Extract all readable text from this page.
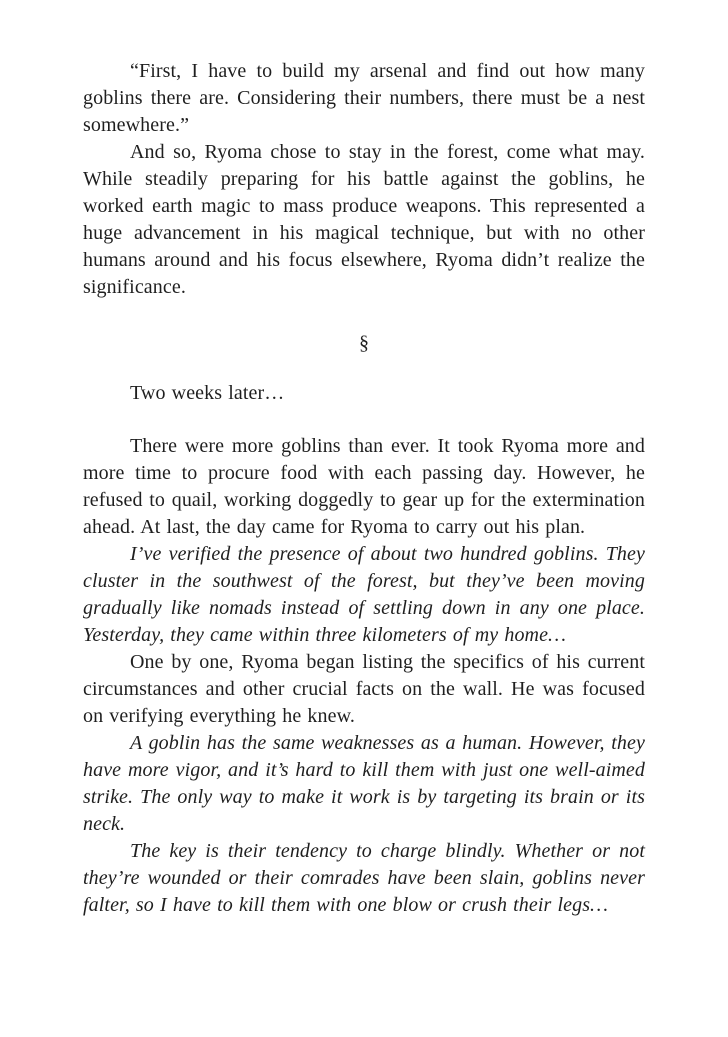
“First, I have to build my arsenal and find out how many goblins there are. Considering their numbers, there must be a nest somewhere.”

And so, Ryoma chose to stay in the forest, come what may. While steadily preparing for his battle against the goblins, he worked earth magic to mass produce weapons. This represented a huge advancement in his magical technique, but with no other humans around and his focus elsewhere, Ryoma didn’t realize the significance.

§

Two weeks later…

There were more goblins than ever. It took Ryoma more and more time to procure food with each passing day. However, he refused to quail, working doggedly to gear up for the extermination ahead. At last, the day came for Ryoma to carry out his plan.

I’ve verified the presence of about two hundred goblins. They cluster in the southwest of the forest, but they’ve been moving gradually like nomads instead of settling down in any one place. Yesterday, they came within three kilometers of my home…

One by one, Ryoma began listing the specifics of his current circumstances and other crucial facts on the wall. He was focused on verifying everything he knew.

A goblin has the same weaknesses as a human. However, they have more vigor, and it’s hard to kill them with just one well-aimed strike. The only way to make it work is by targeting its brain or its neck.

The key is their tendency to charge blindly. Whether or not they’re wounded or their comrades have been slain, goblins never falter, so I have to kill them with one blow or crush their legs…
